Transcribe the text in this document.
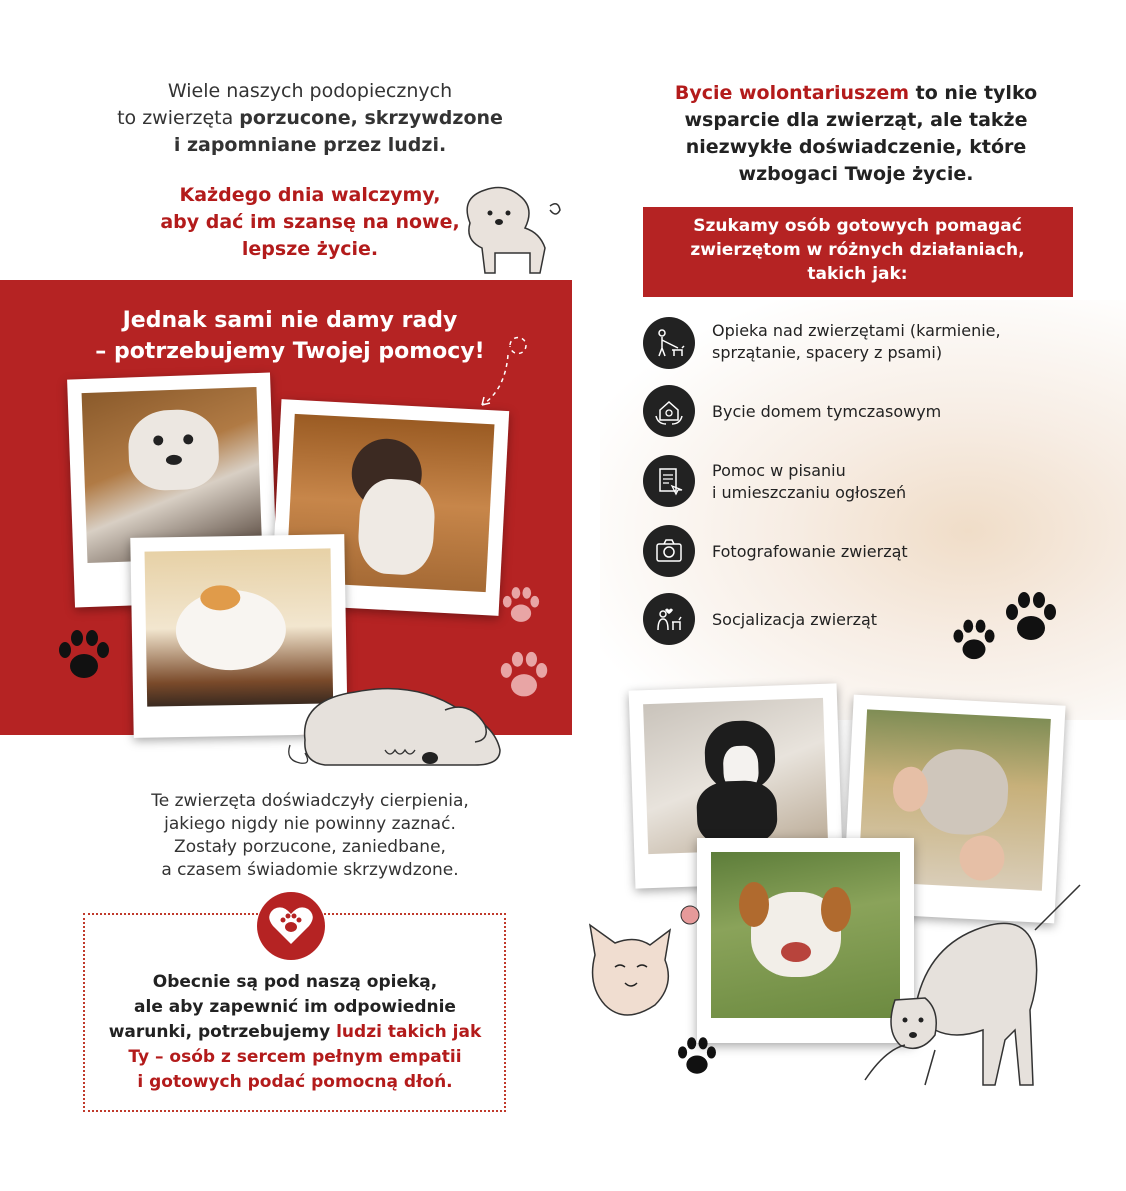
Wiele naszych podopiecznych
to zwierzęta porzucone, skrzywdzone
i zapomniane przez ludzi.
Każdego dnia walczymy,
aby dać im szansę na nowe,
lepsze życie.
Jednak sami nie damy rady
– potrzebujemy Twojej pomocy!
Te zwierzęta doświadczyły cierpienia,
jakiego nigdy nie powinny zaznać.
Zostały porzucone, zaniedbane,
a czasem świadomie skrzywdzone.
Obecnie są pod naszą opieką,
ale aby zapewnić im odpowiednie
warunki, potrzebujemy ludzi takich jak
Ty – osób z sercem pełnym empatii
i gotowych podać pomocną dłoń.
Bycie wolontariuszem to nie tylko
wsparcie dla zwierząt, ale także
niezwykłe doświadczenie, które
wzbogaci Twoje życie.
Szukamy osób gotowych pomagać
zwierzętom w różnych działaniach,
takich jak:
Opieka nad zwierzętami (karmienie,
sprzątanie, spacery z psami)
Bycie domem tymczasowym
Pomoc w pisaniu
i umieszczaniu ogłoszeń
Fotografowanie zwierząt
Socjalizacja zwierząt
